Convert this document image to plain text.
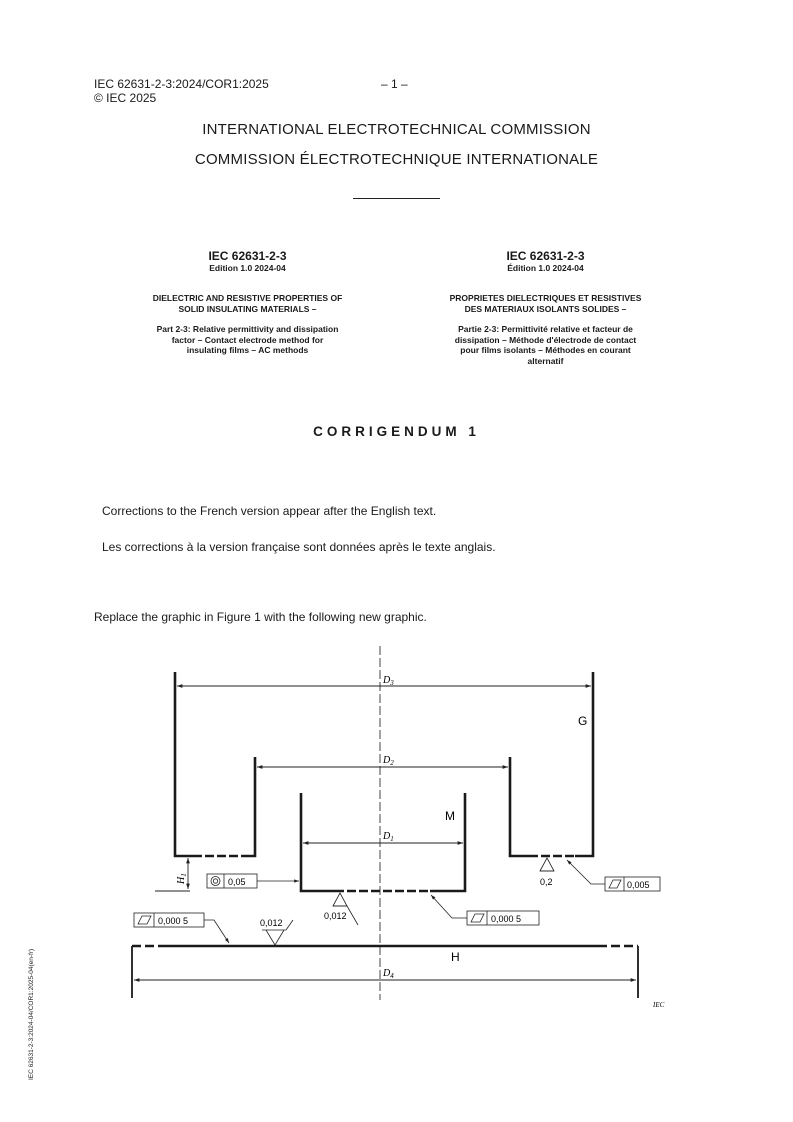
IEC 62631-2-3:2024/COR1:2025	– 1 –
© IEC 2025
INTERNATIONAL ELECTROTECHNICAL COMMISSION
COMMISSION ÉLECTROTECHNIQUE INTERNATIONALE
IEC 62631-2-3
Edition 1.0 2024-04
DIELECTRIC AND RESISTIVE PROPERTIES OF
SOLID INSULATING MATERIALS –
Part 2-3: Relative permittivity and dissipation
factor – Contact electrode method for
insulating films – AC methods
IEC 62631-2-3
Édition 1.0 2024-04
PROPRIETES DIELECTRIQUES ET RESISTIVES
DES MATERIAUX ISOLANTS SOLIDES –
Partie 2-3: Permittivité relative et facteur de
dissipation – Méthode d'électrode de contact
pour films isolants – Méthodes en courant
alternatif
CORRIGENDUM 1
Corrections to the French version appear after the English text.
Les corrections à la version française sont données après le texte anglais.
Replace the graphic in Figure 1 with the following new graphic.
$D_3$
$D_2$
$D_1$
$D_4$
$H_1$
G
M
H
0,05	0,005
0,2
0,012	0,000 5
0,000 5	0,012
IEC
IEC 62631-2-3:2024-04/COR1:2025-04(en-fr)
